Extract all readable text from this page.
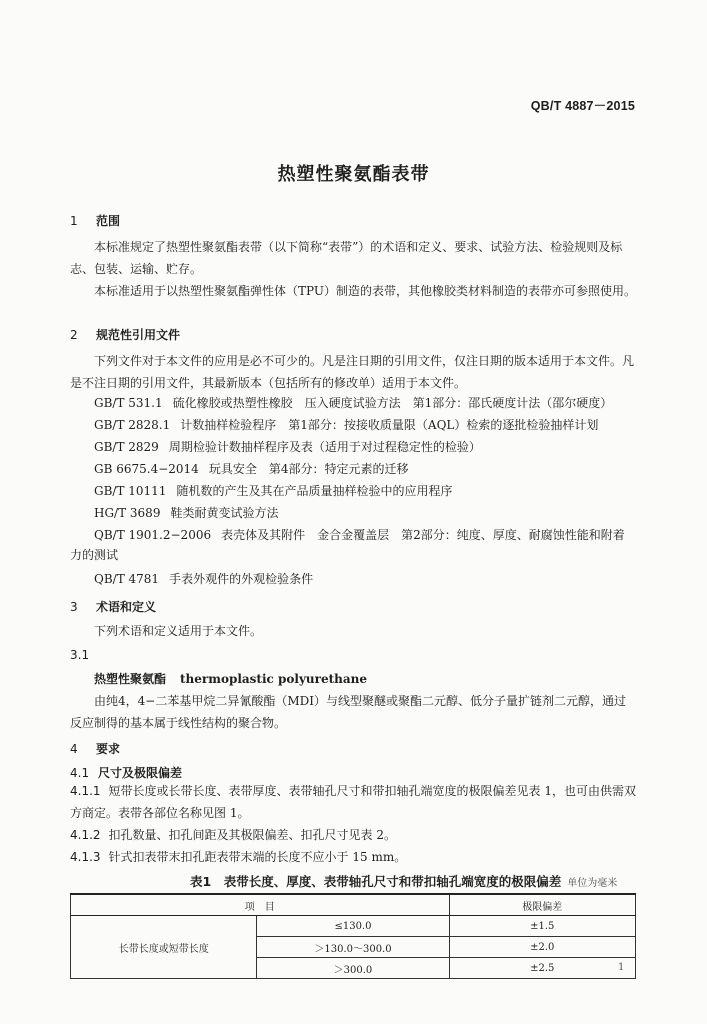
QB/T 4887－2015
热塑性聚氨酯表带
1 范围
本标准规定了热塑性聚氨酯表带（以下简称“表带”）的术语和定义、要求、试验方法、检验规则及标志、包装、运输、贮存。
本标准适用于以热塑性聚氨酯弹性体（TPU）制造的表带，其他橡胶类材料制造的表带亦可参照使用。
2 规范性引用文件
下列文件对于本文件的应用是必不可少的。凡是注日期的引用文件，仅注日期的版本适用于本文件。凡是不注日期的引用文件，其最新版本（包括所有的修改单）适用于本文件。
GB/T 531.1 硫化橡胶或热塑性橡胶　压入硬度试验方法　第1部分：邵氏硬度计法（邵尔硬度）
GB/T 2828.1 计数抽样检验程序　第1部分：按接收质量限（AQL）检索的逐批检验抽样计划
GB/T 2829 周期检验计数抽样程序及表（适用于对过程稳定性的检验）
GB 6675.4−2014 玩具安全　第4部分：特定元素的迁移
GB/T 10111 随机数的产生及其在产品质量抽样检验中的应用程序
HG/T 3689 鞋类耐黄变试验方法
QB/T 1901.2−2006 表壳体及其附件　金合金覆盖层　第2部分：纯度、厚度、耐腐蚀性能和附着
力的测试
QB/T 4781 手表外观件的外观检验条件
3 术语和定义
下列术语和定义适用于本文件。
3.1
热塑性聚氨酯 thermoplastic polyurethane
由纯4，4−二苯基甲烷二异氰酸酯（MDI）与线型聚醚或聚酯二元醇、低分子量扩链剂二元醇，通过反应制得的基本属于线性结构的聚合物。
4 要求
4.1 尺寸及极限偏差
4.1.1 短带长度或长带长度、表带厚度、表带轴孔尺寸和带扣轴孔端宽度的极限偏差见表 1，也可由供需双方商定。表带各部位名称见图 1。
4.1.2 扣孔数量、扣孔间距及其极限偏差、扣孔尺寸见表 2。
4.1.3 针式扣表带末扣孔距表带末端的长度不应小于 15 mm。
表1　 表带长度、厚度、表带轴孔尺寸和带扣轴孔端宽度的极限偏差 单位为毫米
项　目		极限偏差
长带长度或短带长度	≤130.0	±1.5
	＞130.0～300.0	±2.0
	＞300.0	±2.5	1
